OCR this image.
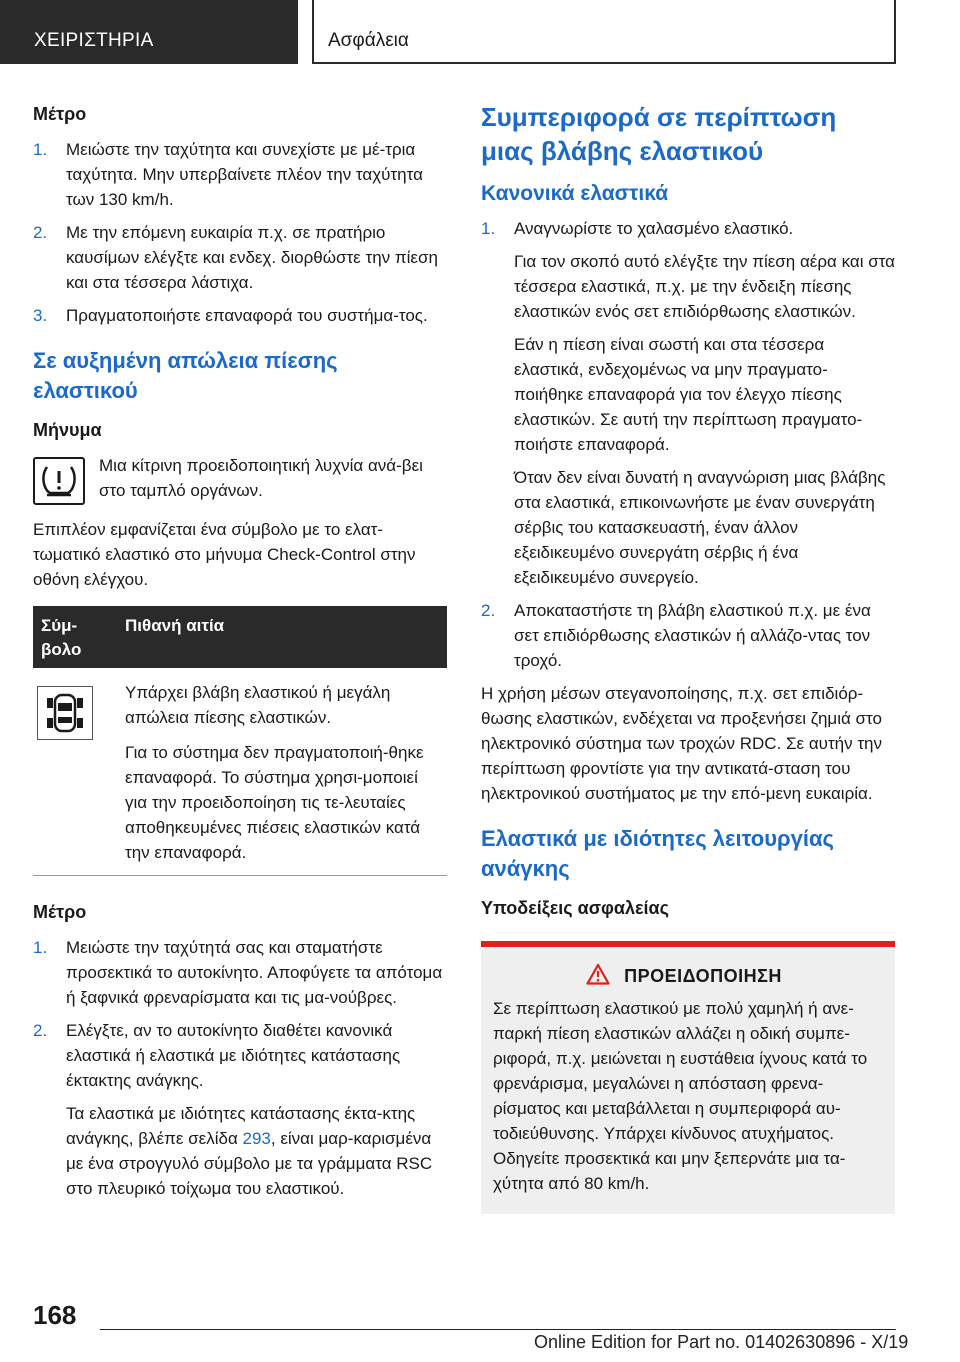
ΧΕΙΡΙΣΤΗΡΙΑ	Ασφάλεια
Μέτρο
1. Μειώστε την ταχύτητα και συνεχίστε με μέ-τρια ταχύτητα. Μην υπερβαίνετε πλέον την ταχύτητα των 130 km/h.
2. Με την επόμενη ευκαιρία π.χ. σε πρατήριο καυσίμων ελέγξτε και ενδεχ. διορθώστε την πίεση και στα τέσσερα λάστιχα.
3. Πραγματοποιήστε επαναφορά του συστήμα-τος.
Σε αυξημένη απώλεια πίεσης ελαστικού
Μήνυμα
Μια κίτρινη προειδοποιητική λυχνία ανά-βει στο ταμπλό οργάνων.
Επιπλέον εμφανίζεται ένα σύμβολο με το ελατ-τωματικό ελαστικό στο μήνυμα Check-Control στην οθόνη ελέγχου.
Σύμ-βολο	Πιθανή αιτία

	Υπάρχει βλάβη ελαστικού ή μεγάλη απώλεια πίεσης ελαστικών.
Για το σύστημα δεν πραγματοποιή-θηκε επαναφορά. Το σύστημα χρησι-μοποιεί για την προειδοποίηση τις τε-λευταίες αποθηκευμένες πιέσεις ελαστικών κατά την επαναφορά.
Μέτρο
1. Μειώστε την ταχύτητά σας και σταματήστε προσεκτικά το αυτοκίνητο. Αποφύγετε τα απότομα ή ξαφνικά φρεναρίσματα και τις μα-νούβρες.
2. Ελέγξτε, αν το αυτοκίνητο διαθέτει κανονικά ελαστικά ή ελαστικά με ιδιότητες κατάστασης έκτακτης ανάγκης.
Τα ελαστικά με ιδιότητες κατάστασης έκτα-κτης ανάγκης, βλέπε σελίδα 293, είναι μαρ-καρισμένα με ένα στρογγυλό σύμβολο με τα γράμματα RSC στο πλευρικό τοίχωμα του ελαστικού.
Συμπεριφορά σε περίπτωση μιας βλάβης ελαστικού
Κανονικά ελαστικά
1. Αναγνωρίστε το χαλασμένο ελαστικό.
Για τον σκοπό αυτό ελέγξτε την πίεση αέρα και στα τέσσερα ελαστικά, π.χ. με την ένδειξη πίεσης ελαστικών ενός σετ επιδιόρθωσης ελαστικών.
Εάν η πίεση είναι σωστή και στα τέσσερα ελαστικά, ενδεχομένως να μην πραγματο-ποιήθηκε επαναφορά για τον έλεγχο πίεσης ελαστικών. Σε αυτή την περίπτωση πραγματο-ποιήστε επαναφορά.
Όταν δεν είναι δυνατή η αναγνώριση μιας βλάβης στα ελαστικά, επικοινωνήστε με έναν συνεργάτη σέρβις του κατασκευαστή, έναν άλλον εξειδικευμένο συνεργάτη σέρβις ή ένα εξειδικευμένο συνεργείο.
2. Αποκαταστήστε τη βλάβη ελαστικού π.χ. με ένα σετ επιδιόρθωσης ελαστικών ή αλλάζο-ντας τον τροχό.
Η χρήση μέσων στεγανοποίησης, π.χ. σετ επιδιόρ-θωσης ελαστικών, ενδέχεται να προξενήσει ζημιά στο ηλεκτρονικό σύστημα των τροχών RDC. Σε αυτήν την περίπτωση φροντίστε για την αντικατά-σταση του ηλεκτρονικού συστήματος με την επό-μενη ευκαιρία.
Ελαστικά με ιδιότητες λειτουργίας ανάγκης
Υποδείξεις ασφαλείας
ΠΡΟΕΙΔΟΠΟΙΗΣΗ
Σε περίπτωση ελαστικού με πολύ χαμηλή ή ανε-παρκή πίεση ελαστικών αλλάζει η οδική συμπε-ριφορά, π.χ. μειώνεται η ευστάθεια ίχνους κατά το φρενάρισμα, μεγαλώνει η απόσταση φρενα-ρίσματος και μεταβάλλεται η συμπεριφορά αυ-τοδιεύθυνσης. Υπάρχει κίνδυνος ατυχήματος. Οδηγείτε προσεκτικά και μην ξεπερνάτε μια τα-χύτητα από 80 km/h.
168
Online Edition for Part no. 01402630896 - X/19
